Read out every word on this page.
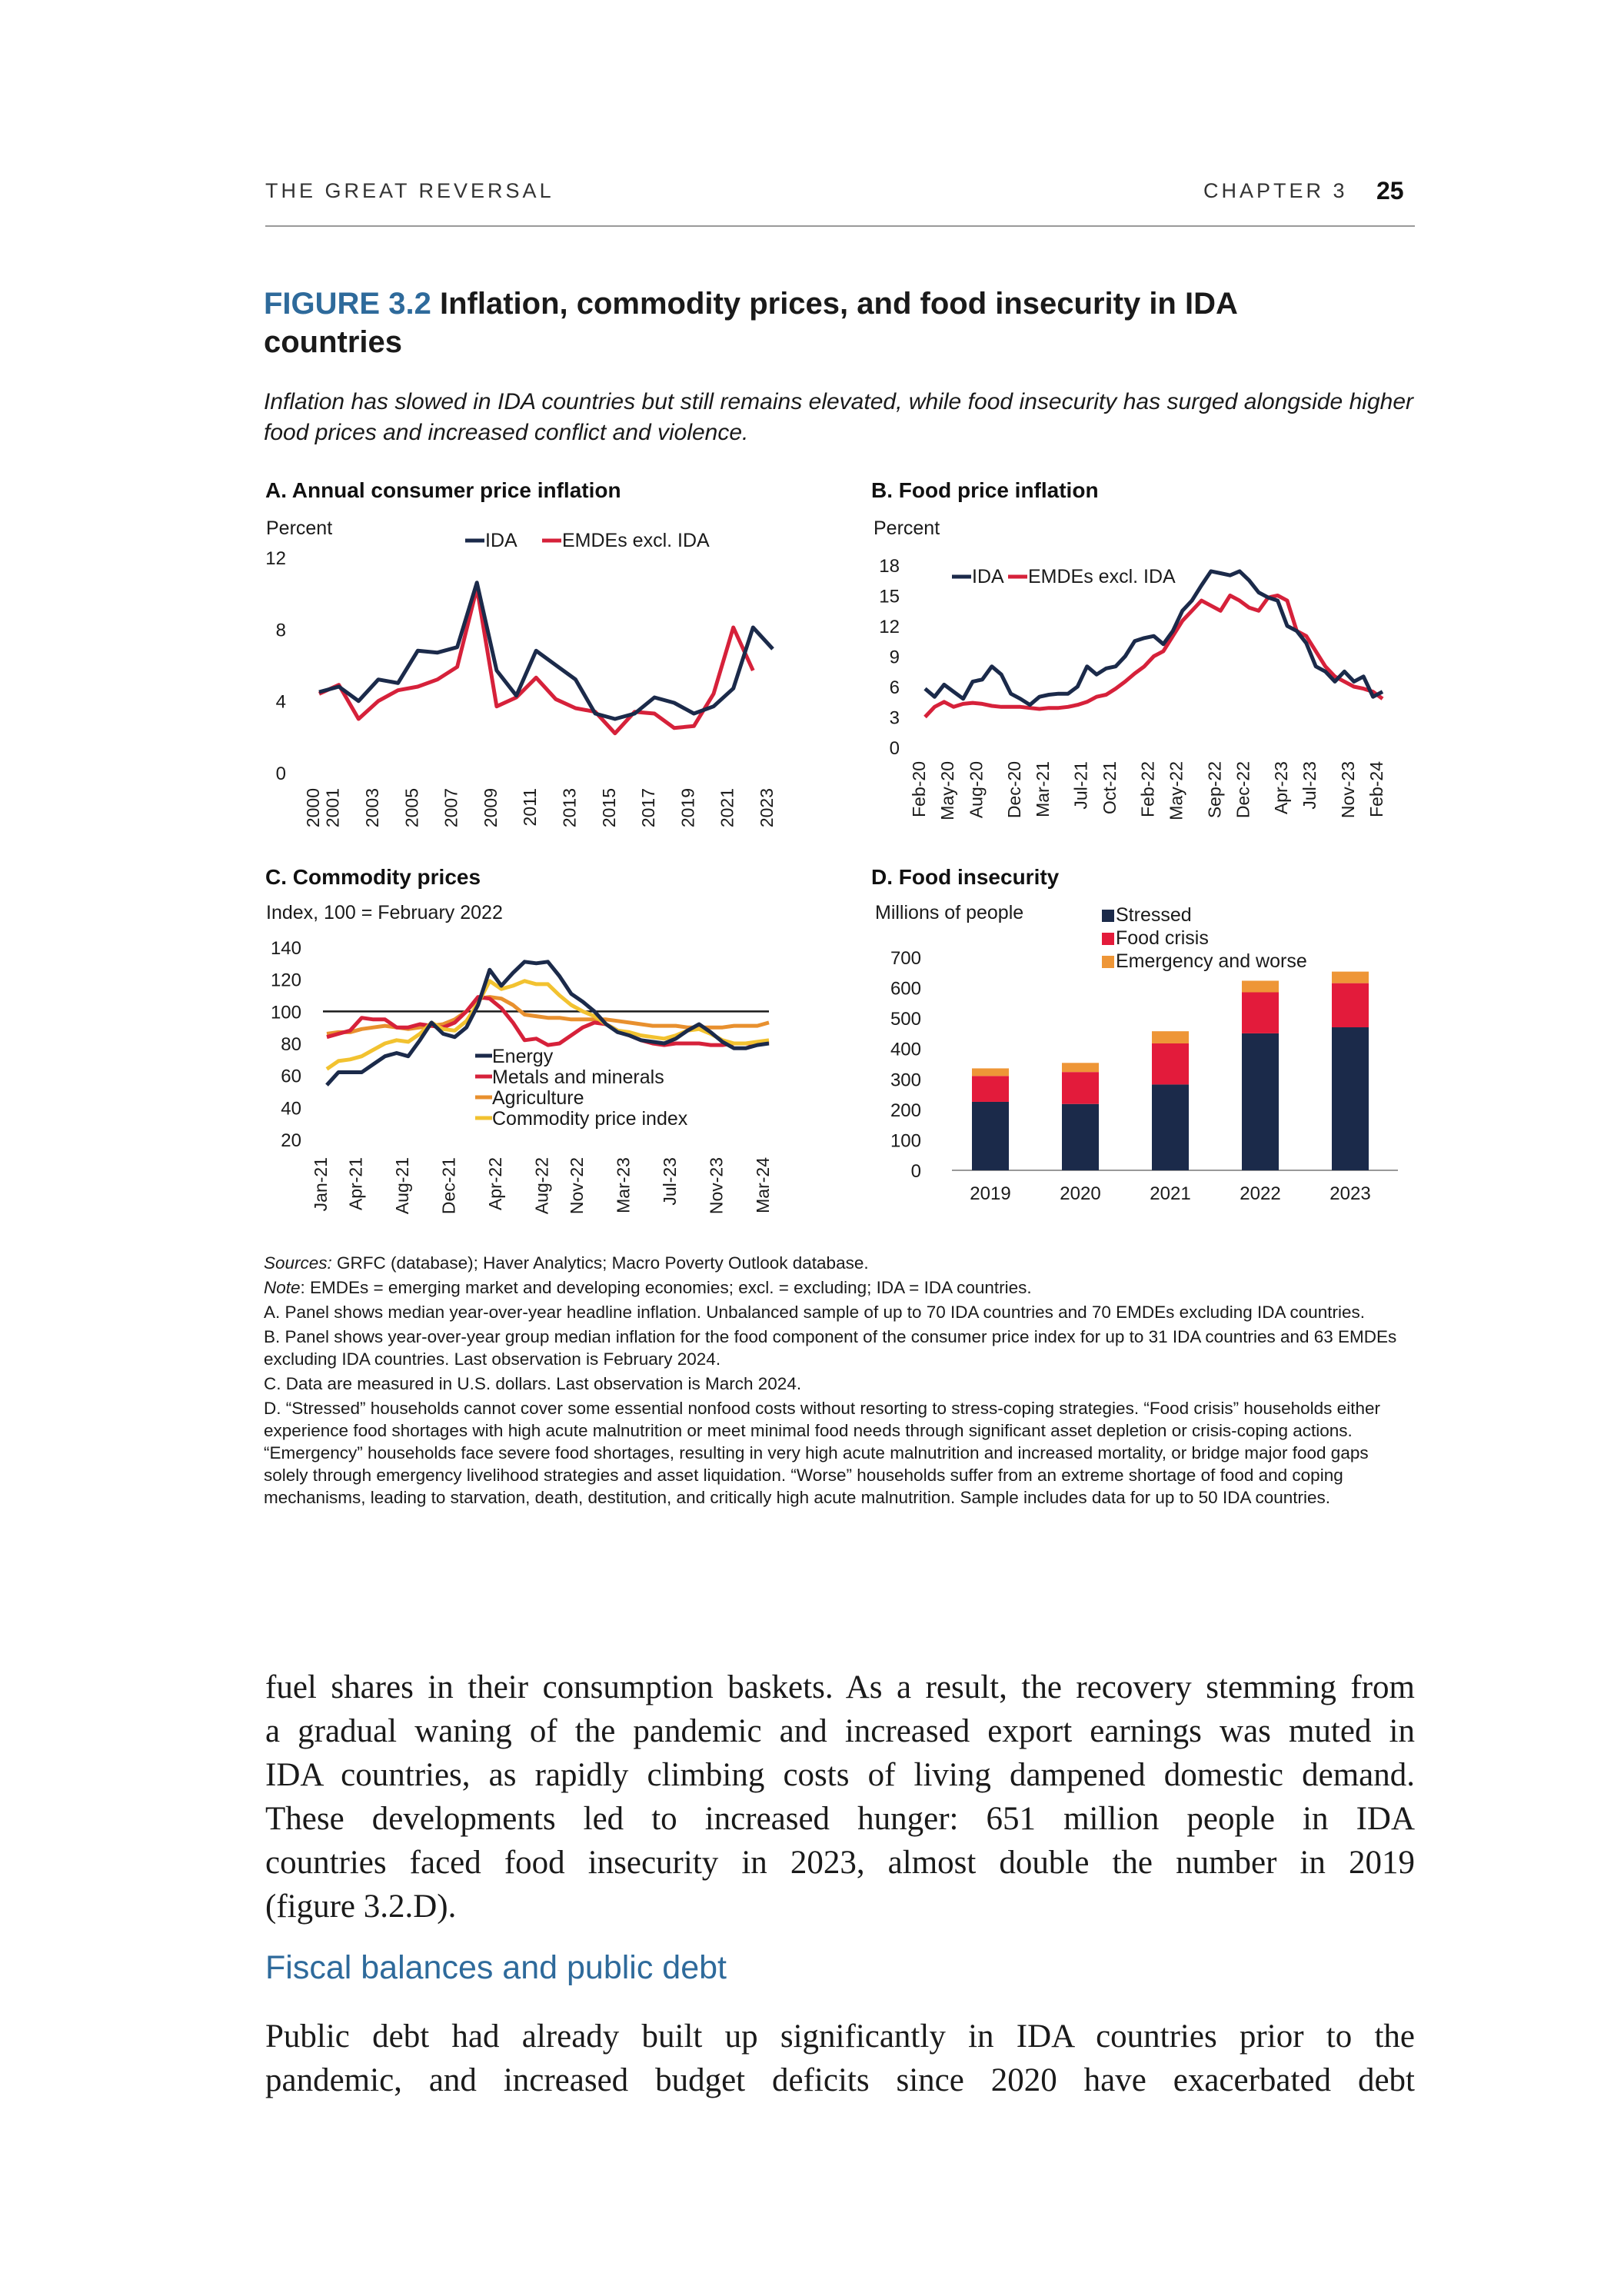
THE GREAT REVERSAL	CHAPTER 3 25
FIGURE 3.2 Inflation, commodity prices, and food insecurity in IDA countries
Inflation has slowed in IDA countries but still remains elevated, while food insecurity has surged alongside higher food prices and increased conflict and violence.
A. Annual consumer price inflation
Percent
0
4
8
12
2000 2001 2003 2005 2007 2009 2011 2013 2015 2017 2019 2021 2023
IDA EMDEs excl. IDA
B. Food price inflation
Percent
0
3
6
9
12
15
18
Feb-20 May-20 Aug-20 Dec-20 Mar-21 Jul-21 Oct-21 Feb-22 May-22 Sep-22 Dec-22 Apr-23 Jul-23 Nov-23 Feb-24
IDA EMDEs excl. IDA
C. Commodity prices
Index, 100 = February 2022
20
40
60
80
100
120
140
Jan-21 Apr-21 Aug-21 Dec-21 Apr-22 Aug-22 Nov-22 Mar-23 Jul-23 Nov-23 Mar-24
Energy
Metals and minerals
Agriculture
Commodity price index
D. Food insecurity
Millions of people
0
100
200
300
400
500
600
700
2019	2020	2021	2022	2023
Stressed
Food crisis
Emergency and worse

Sources: GRFC (database); Haver Analytics; Macro Poverty Outlook database.

Note: EMDEs = emerging market and developing economies; excl. = excluding; IDA = IDA countries.

A. Panel shows median year-over-year headline inflation. Unbalanced sample of up to 70 IDA countries and 70 EMDEs excluding IDA countries.

B. Panel shows year-over-year group median inflation for the food component of the consumer price index for up to 31 IDA countries and 63 EMDEs excluding IDA countries. Last observation is February 2024.

C. Data are measured in U.S. dollars. Last observation is March 2024.

D. “Stressed” households cannot cover some essential nonfood costs without resorting to stress-coping strategies. “Food crisis” households either experience food shortages with high acute malnutrition or meet minimal food needs through significant asset depletion or crisis-coping actions. “Emergency” households face severe food shortages, resulting in very high acute malnutrition and increased mortality, or bridge major food gaps solely through emergency livelihood strategies and asset liquidation. “Worse” households suffer from an extreme shortage of food and coping mechanisms, leading to starvation, death, destitution, and critically high acute malnutrition. Sample includes data for up to 50 IDA countries.

fuel shares in their consumption baskets. As a result, the recovery stemming from
a gradual waning of the pandemic and increased export earnings was muted in
IDA countries, as rapidly climbing costs of living dampened domestic demand.
These developments led to increased hunger: 651 million people in IDA
countries faced food insecurity in 2023, almost double the number in 2019
(figure 3.2.D).
Fiscal balances and public debt
Public debt had already built up significantly in IDA countries prior to the
pandemic, and increased budget deficits since 2020 have exacerbated debt
